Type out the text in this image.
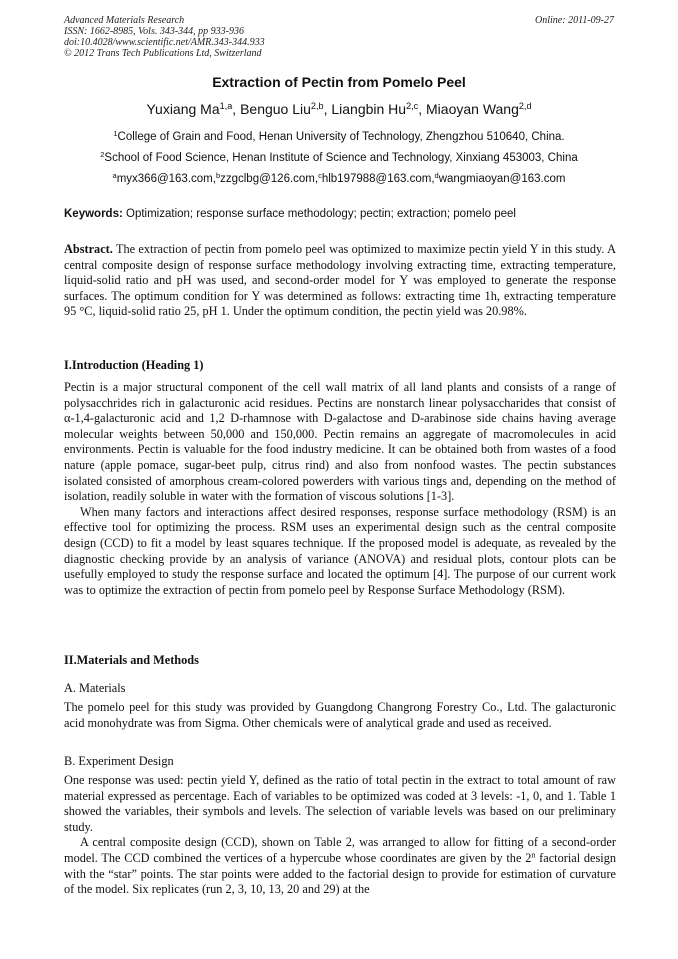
Advanced Materials Research
ISSN: 1662-8985, Vols. 343-344, pp 933-936
doi:10.4028/www.scientific.net/AMR.343-344.933
© 2012 Trans Tech Publications Ltd, Switzerland
Online: 2011-09-27
Extraction of Pectin from Pomelo Peel
Yuxiang Ma$^{1,a}$, Benguo Liu$^{2,b}$, Liangbin Hu$^{2,c}$, Miaoyan Wang$^{2,d}$
$^1$College of Grain and Food, Henan University of Technology, Zhengzhou 510640, China.
$^2$School of Food Science, Henan Institute of Science and Technology, Xinxiang 453003, China
$^a$myx366@163.com,$^b$zzgclbg@126.com,$^c$hlb197988@163.com,$^d$wangmiaoyan@163.com
Keywords: Optimization; response surface methodology; pectin; extraction; pomelo peel

Abstract. The extraction of pectin from pomelo peel was optimized to maximize pectin yield Y in this study. A central composite design of response surface methodology involving extracting time, extracting temperature, liquid-solid ratio and pH was used, and second-order model for Y was employed to generate the response surfaces. The optimum condition for Y was determined as follows: extracting time 1h, extracting temperature 95 °C, liquid-solid ratio 25, pH 1. Under the optimum condition, the pectin yield was 20.98%.

I.Introduction (Heading 1)

Pectin is a major structural component of the cell wall matrix of all land plants and consists of a range of polysacchrides rich in galacturonic acid residues. Pectins are nonstarch linear polysaccharides that consist of α-1,4-galacturonic acid and 1,2 D-rhamnose with D-galactose and D-arabinose side chains having average molecular weights between 50,000 and 150,000. Pectin remains an aggregate of macromolecules in acid environments. Pectin is valuable for the food industry medicine. It can be obtained both from wastes of a food nature (apple pomace, sugar-beet pulp, citrus rind) and also from nonfood wastes. The pectin substances isolated consisted of amorphous cream-colored powerders with various tings and, depending on the method of isolation, readily soluble in water with the formation of viscous solutions [1-3].

When many factors and interactions affect desired responses, response surface methodology (RSM) is an effective tool for optimizing the process. RSM uses an experimental design such as the central composite design (CCD) to fit a model by least squares technique. If the proposed model is adequate, as revealed by the diagnostic checking provide by an analysis of variance (ANOVA) and residual plots, contour plots can be usefully employed to study the response surface and located the optimum [4]. The purpose of our current work was to optimize the extraction of pectin from pomelo peel by Response Surface Methodology (RSM).

II.Materials and Methods
A. Materials

The pomelo peel for this study was provided by Guangdong Changrong Forestry Co., Ltd. The galacturonic acid monohydrate was from Sigma. Other chemicals were of analytical grade and used as received.

B. Experiment Design

One response was used: pectin yield Y, defined as the ratio of total pectin in the extract to total amount of raw material expressed as percentage. Each of variables to be optimized was coded at 3 levels: -1, 0, and 1. Table 1 showed the variables, their symbols and levels. The selection of variable levels was based on our preliminary study.

A central composite design (CCD), shown on Table 2, was arranged to allow for fitting of a second-order model. The CCD combined the vertices of a hypercube whose coordinates are given by the 2$^n$ factorial design with the “star” points. The star points were added to the factorial design to provide for estimation of curvature of the model. Six replicates (run 2, 3, 10, 13, 20 and 29) at the
